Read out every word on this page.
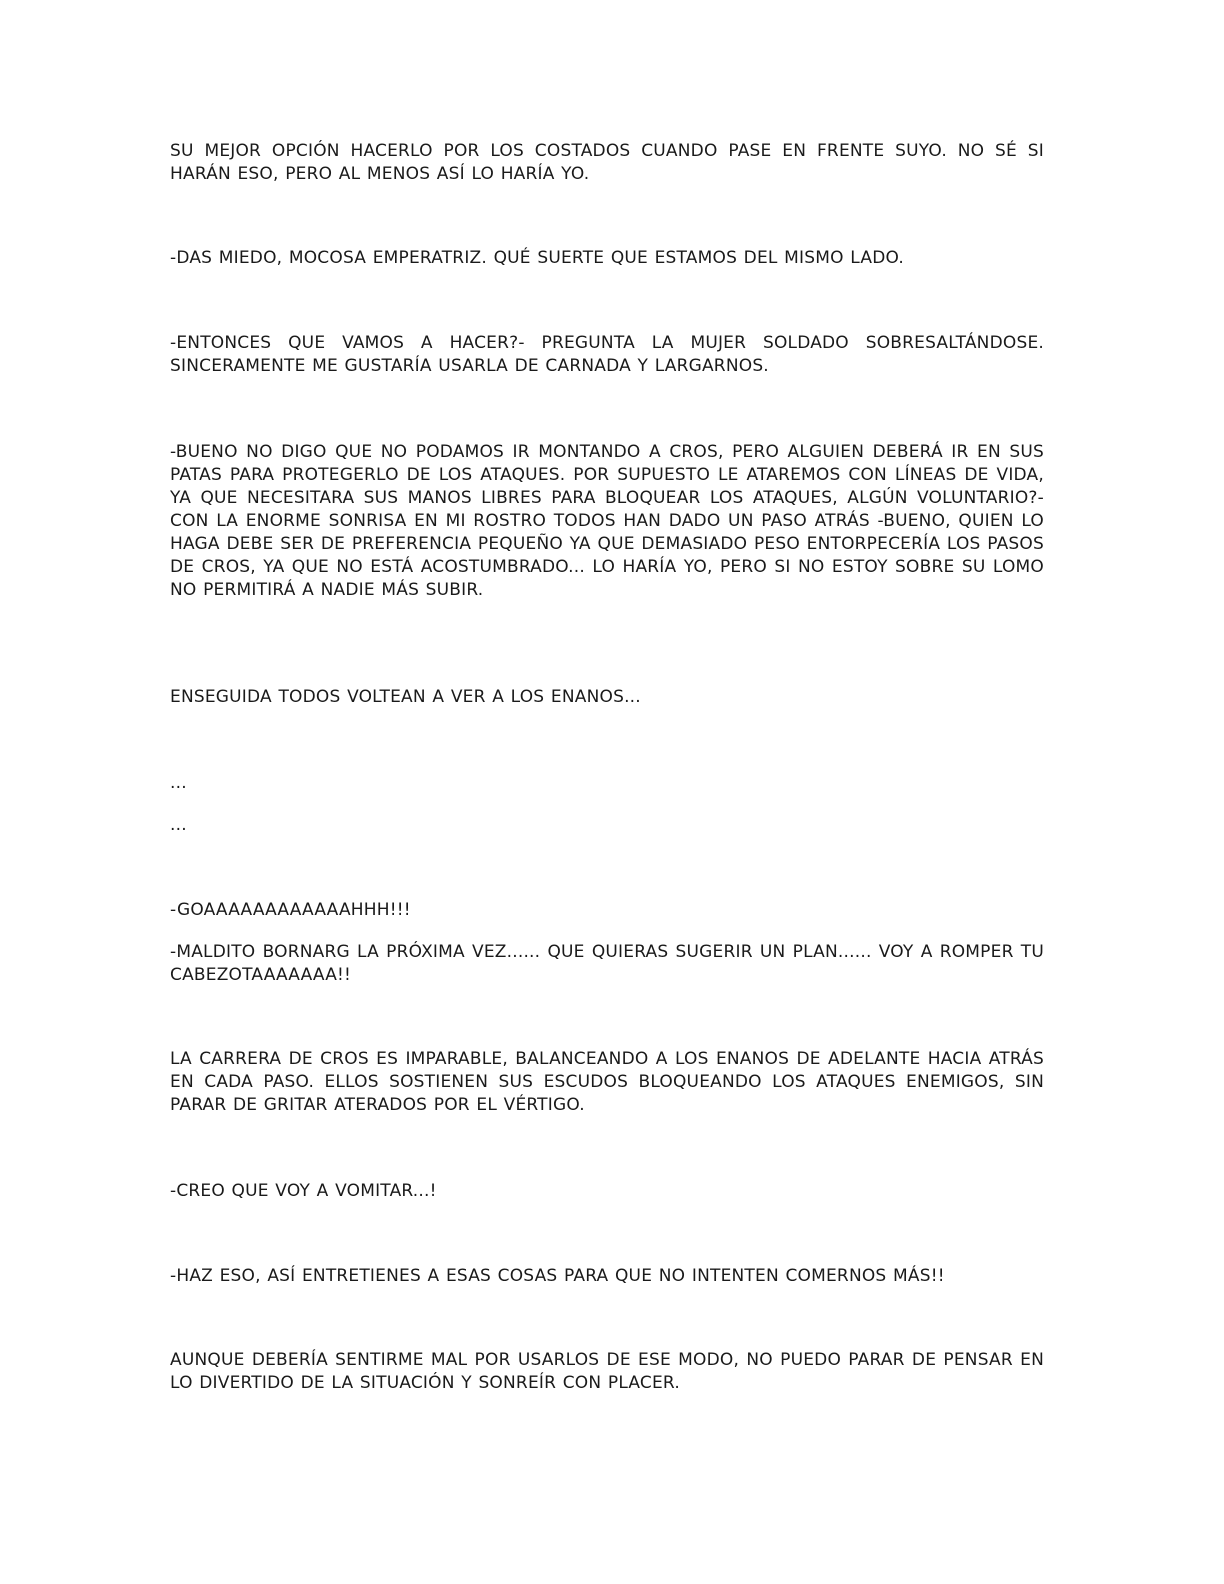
SU MEJOR OPCIÓN HACERLO POR LOS COSTADOS CUANDO PASE EN FRENTE SUYO. NO SÉ SI HARÁN ESO, PERO AL MENOS ASÍ LO HARÍA YO.

-DAS MIEDO, MOCOSA EMPERATRIZ. QUÉ SUERTE QUE ESTAMOS DEL MISMO LADO.

-ENTONCES QUE VAMOS A HACER?- PREGUNTA LA MUJER SOLDADO SOBRESALTÁNDOSE. SINCERAMENTE ME GUSTARÍA USARLA DE CARNADA Y LARGARNOS.

-BUENO NO DIGO QUE NO PODAMOS IR MONTANDO A CROS, PERO ALGUIEN DEBERÁ IR EN SUS PATAS PARA PROTEGERLO DE LOS ATAQUES. POR SUPUESTO LE ATAREMOS CON LÍNEAS DE VIDA, YA QUE NECESITARA SUS MANOS LIBRES PARA BLOQUEAR LOS ATAQUES, ALGÚN VOLUNTARIO?- CON LA ENORME SONRISA EN MI ROSTRO TODOS HAN DADO UN PASO ATRÁS -BUENO, QUIEN LO HAGA DEBE SER DE PREFERENCIA PEQUEÑO YA QUE DEMASIADO PESO ENTORPECERÍA LOS PASOS DE CROS, YA QUE NO ESTÁ ACOSTUMBRADO... LO HARÍA YO, PERO SI NO ESTOY SOBRE SU LOMO NO PERMITIRÁ A NADIE MÁS SUBIR.

ENSEGUIDA TODOS VOLTEAN A VER A LOS ENANOS...

...

...

-GOAAAAAAAAAAAAHHH!!!

-MALDITO BORNARG LA PRÓXIMA VEZ...... QUE QUIERAS SUGERIR UN PLAN...... VOY A ROMPER TU CABEZOTAAAAAAA!!

LA CARRERA DE CROS ES IMPARABLE, BALANCEANDO A LOS ENANOS DE ADELANTE HACIA ATRÁS EN CADA PASO. ELLOS SOSTIENEN SUS ESCUDOS BLOQUEANDO LOS ATAQUES ENEMIGOS, SIN PARAR DE GRITAR ATERADOS POR EL VÉRTIGO.

-CREO QUE VOY A VOMITAR...!

-HAZ ESO, ASÍ ENTRETIENES A ESAS COSAS PARA QUE NO INTENTEN COMERNOS MÁS!!

AUNQUE DEBERÍA SENTIRME MAL POR USARLOS DE ESE MODO, NO PUEDO PARAR DE PENSAR EN LO DIVERTIDO DE LA SITUACIÓN Y SONREÍR CON PLACER.
